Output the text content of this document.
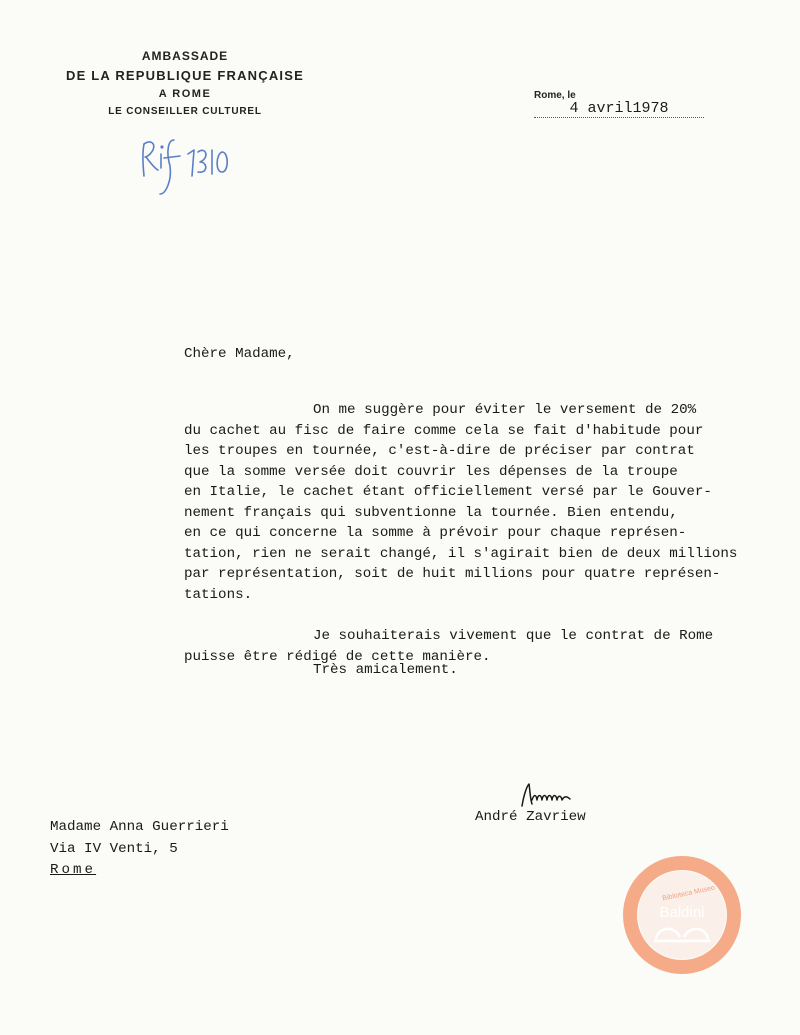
AMBASSADE
DE LA REPUBLIQUE FRANÇAISE
A ROME
LE CONSEILLER CULTUREL
Rome, le 4 avril1978
Chère Madame,
On me suggère pour éviter le versement de 20%
du cachet au fisc de faire comme cela se fait d'habitude pour
les troupes en tournée, c'est-à-dire de préciser par contrat
que la somme versée doit couvrir les dépenses de la troupe
en Italie, le cachet étant officiellement versé par le Gouver-
nement français qui subventionne la tournée. Bien entendu,
en ce qui concerne la somme à prévoir pour chaque représen-
tation, rien ne serait changé, il s'agirait bien de deux millions
par représentation, soit de huit millions pour quatre représen-
tations.
Je souhaiterais vivement que le contrat de Rome
puisse être rédigé de cette manière.
Très amicalement.
André Zavriew
Madame Anna Guerrieri
Via IV Venti, 5
Rome
Biblioteca Museo
Baldini
